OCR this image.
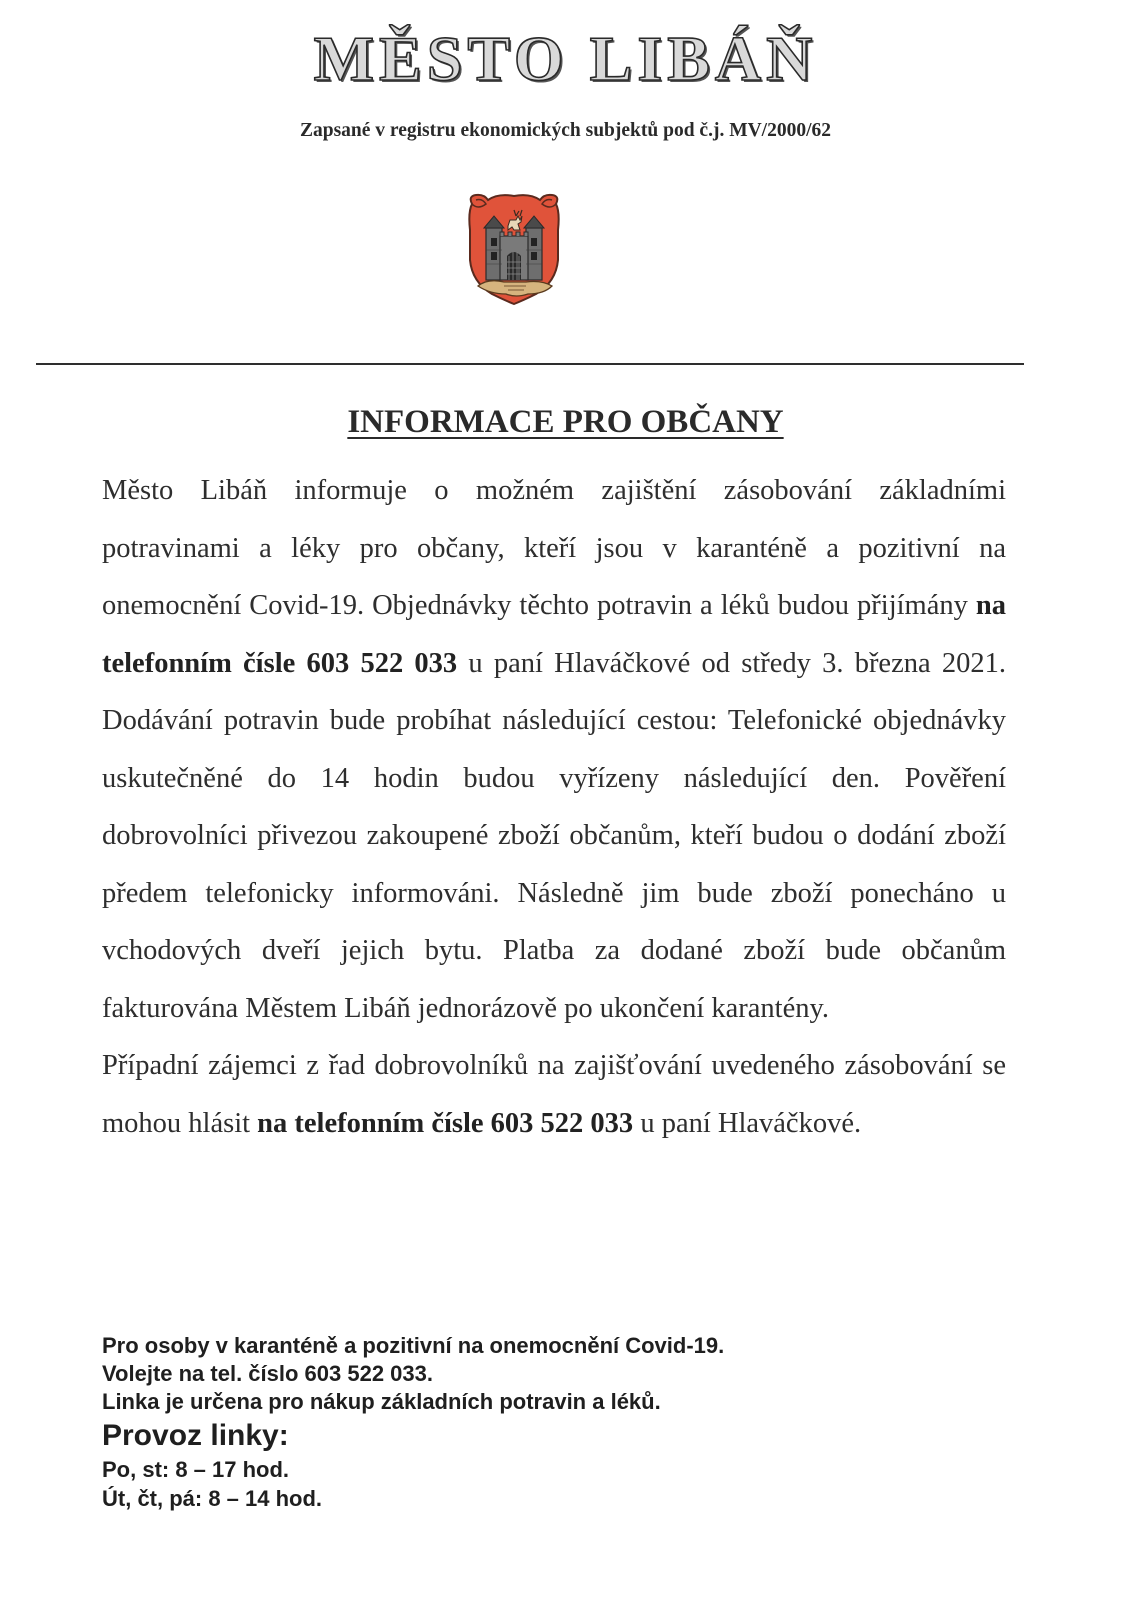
MĚSTO LIBÁŇ
Zapsané v registru ekonomických subjektů pod č.j. MV/2000/62
INFORMACE PRO OBČANY

Město Libáň informuje o možném zajištění zásobování základními potravinami a léky pro občany, kteří jsou v karanténě a pozitivní na onemocnění Covid-19. Objednávky těchto potravin a léků budou přijímány na telefonním čísle 603 522 033 u paní Hlaváčkové od středy 3. března 2021. Dodávání potravin bude probíhat následující cestou: Telefonické objednávky uskutečněné do 14 hodin budou vyřízeny následující den. Pověření dobrovolníci přivezou zakoupené zboží občanům, kteří budou o dodání zboží předem telefonicky informováni. Následně jim bude zboží ponecháno u vchodových dveří jejich bytu. Platba za dodané zboží bude občanům fakturována Městem Libáň jednorázově po ukončení karantény.

Případní zájemci z řad dobrovolníků na zajišťování uvedeného zásobování se mohou hlásit na telefonním čísle 603 522 033 u paní Hlaváčkové.

Pro osoby v karanténě a pozitivní na onemocnění Covid-19.
Volejte na tel. číslo 603 522 033.
Linka je určena pro nákup základních potravin a léků.
Provoz linky:
Po, st: 8 – 17 hod.
Út, čt, pá: 8 – 14 hod.
